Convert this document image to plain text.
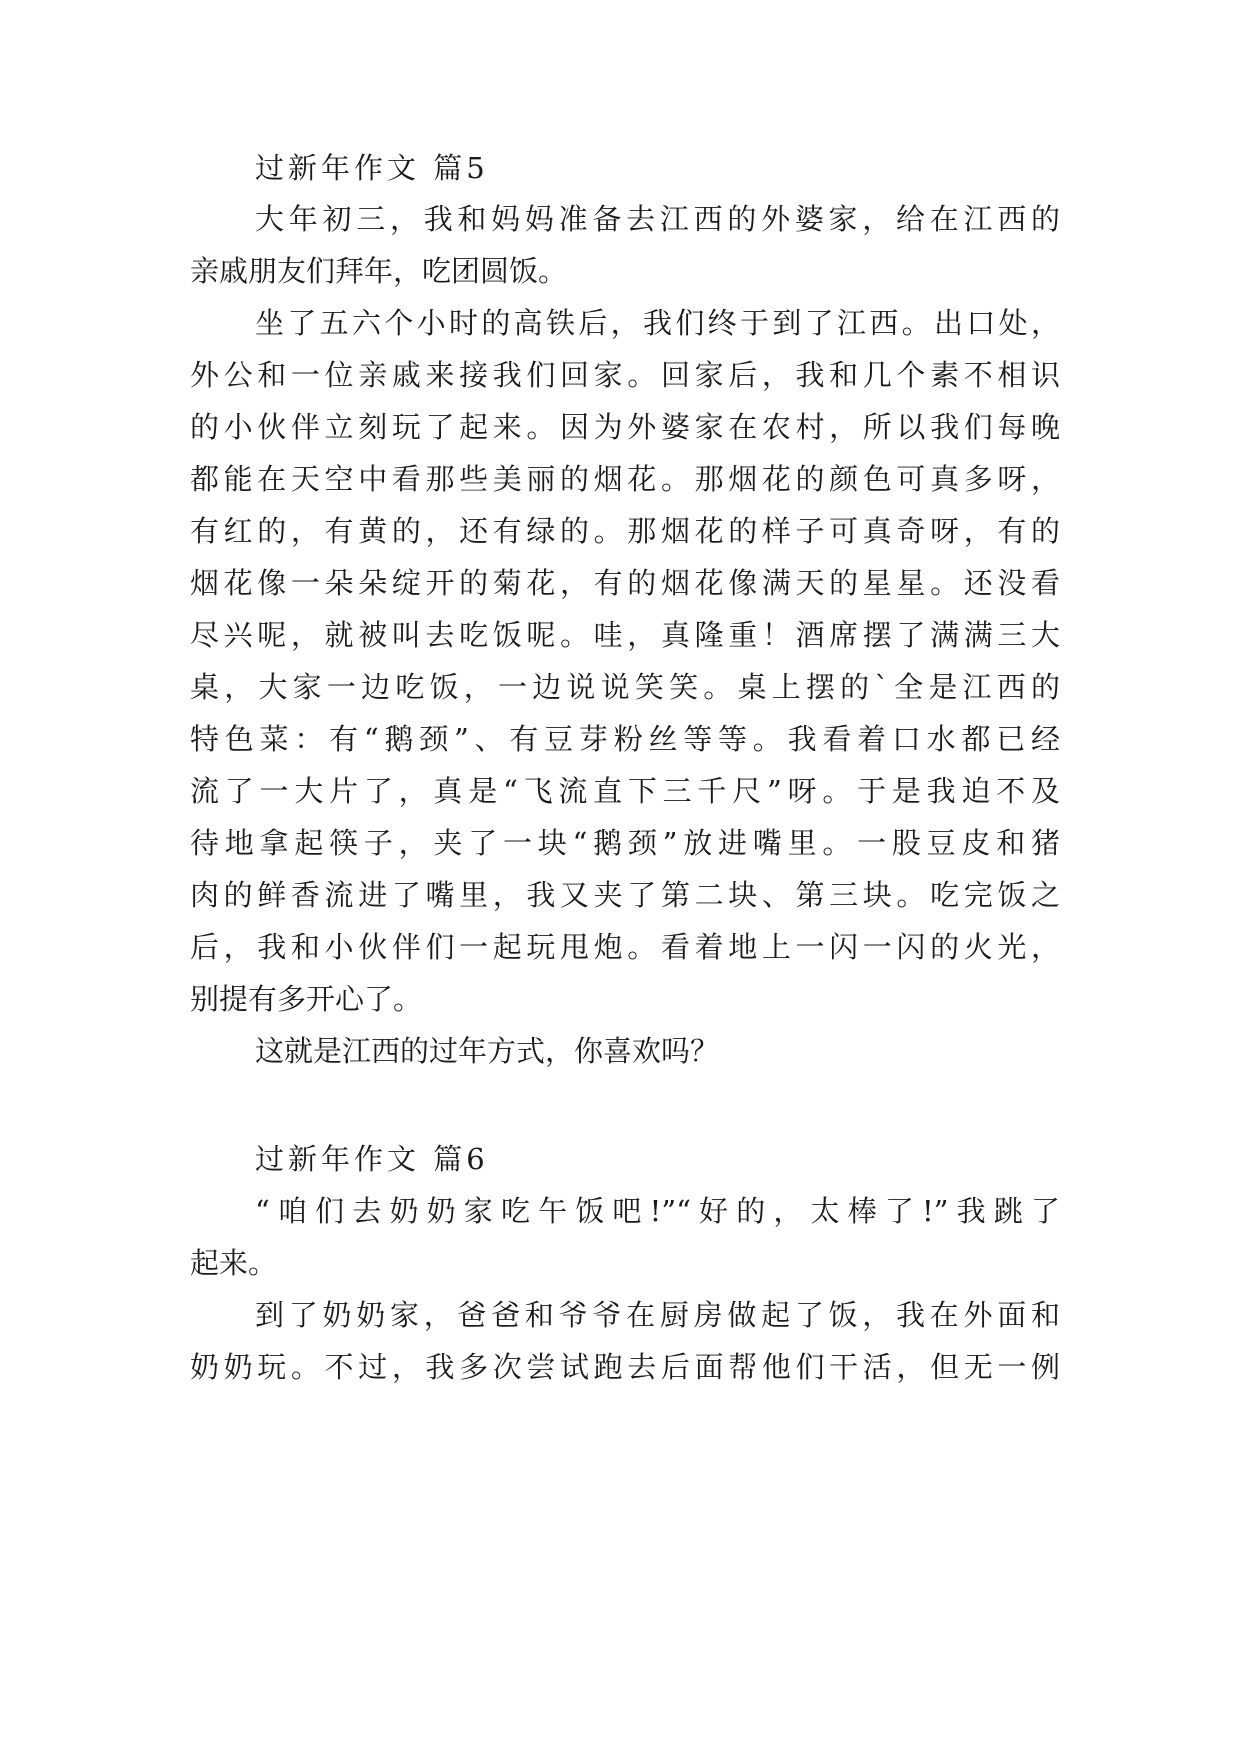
过新年作文 篇5
大年初三，我和妈妈准备去江西的外婆家，给在江西的
亲戚朋友们拜年，吃团圆饭。
坐了五六个小时的高铁后，我们终于到了江西。出口处，
外公和一位亲戚来接我们回家。回家后，我和几个素不相识
的小伙伴立刻玩了起来。因为外婆家在农村，所以我们每晚
都能在天空中看那些美丽的烟花。那烟花的颜色可真多呀，
有红的，有黄的，还有绿的。那烟花的样子可真奇呀，有的
烟花像一朵朵绽开的菊花，有的烟花像满天的星星。还没看
尽兴呢，就被叫去吃饭呢。哇，真隆重！酒席摆了满满三大
桌，大家一边吃饭，一边说说笑笑。桌上摆的`全是江西的
特色菜：有“鹅颈”、有豆芽粉丝等等。我看着口水都已经
流了一大片了，真是“飞流直下三千尺”呀。于是我迫不及
待地拿起筷子，夹了一块“鹅颈”放进嘴里。一股豆皮和猪
肉的鲜香流进了嘴里，我又夹了第二块、第三块。吃完饭之
后，我和小伙伴们一起玩甩炮。看着地上一闪一闪的火光，
别提有多开心了。
这就是江西的过年方式，你喜欢吗？
过新年作文 篇6
“咱们去奶奶家吃午饭吧!”“好的，太棒了!”我跳了
起来。
到了奶奶家，爸爸和爷爷在厨房做起了饭，我在外面和
奶奶玩。不过，我多次尝试跑去后面帮他们干活，但无一例
